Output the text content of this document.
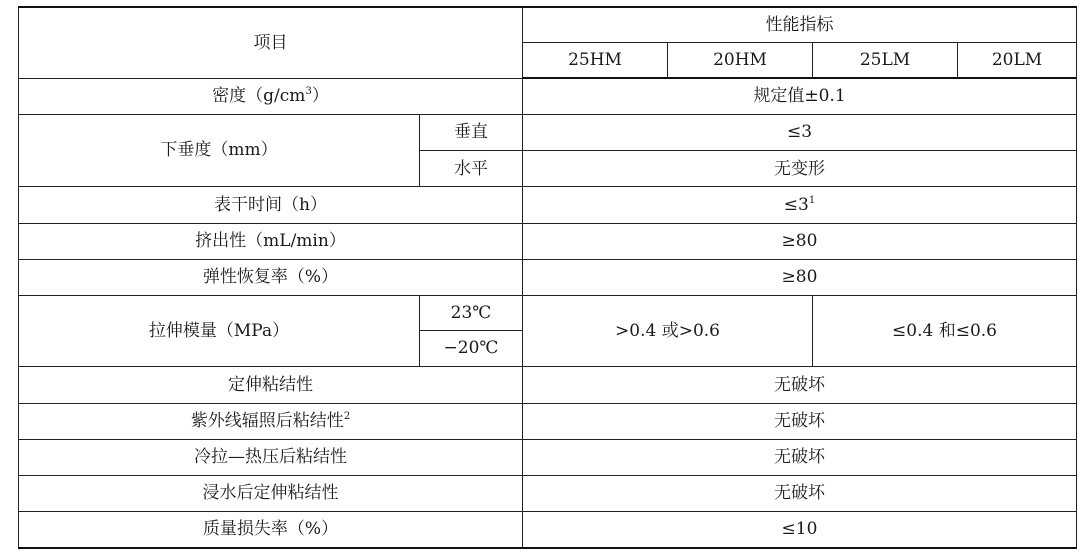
项目		性能指标			
		25HM	20HM	25LM	20LM
密度$(g/cm^3)$		规定值±0.1			
下垂度（mm）	垂直	≤3			
	水平	无变形			
表干时间（h）		$\le 3^1$
挤出性（mL/min）		≥80			
弹性恢复率（%）		≥80			
拉伸模量（MPa）	23℃	>0.4 或>0.6		≤0.4 和≤0.6	
	−20℃				
定伸粘结性		无破坏			
紫外线辐照后粘结性$^2$		无破坏			
冷拉—热压后粘结性		无破坏			
浸水后定伸粘结性		无破坏			
质量损失率（%）		≤10			
